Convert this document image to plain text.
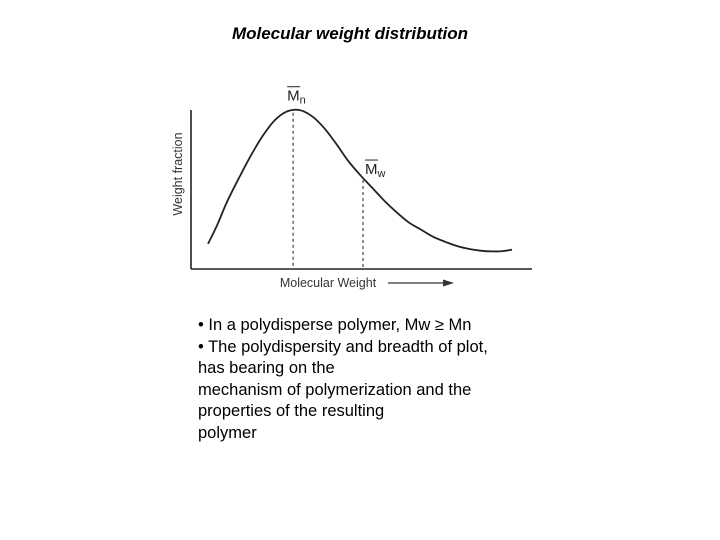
Molecular weight distribution
Weight fraction
Molecular Weight
$M_n$
$M_w$

• In a polydisperse polymer, Mw ≥ Mn

• The polydispersity and breadth of plot,

has bearing on the

mechanism of polymerization and the

properties of the resulting

polymer
